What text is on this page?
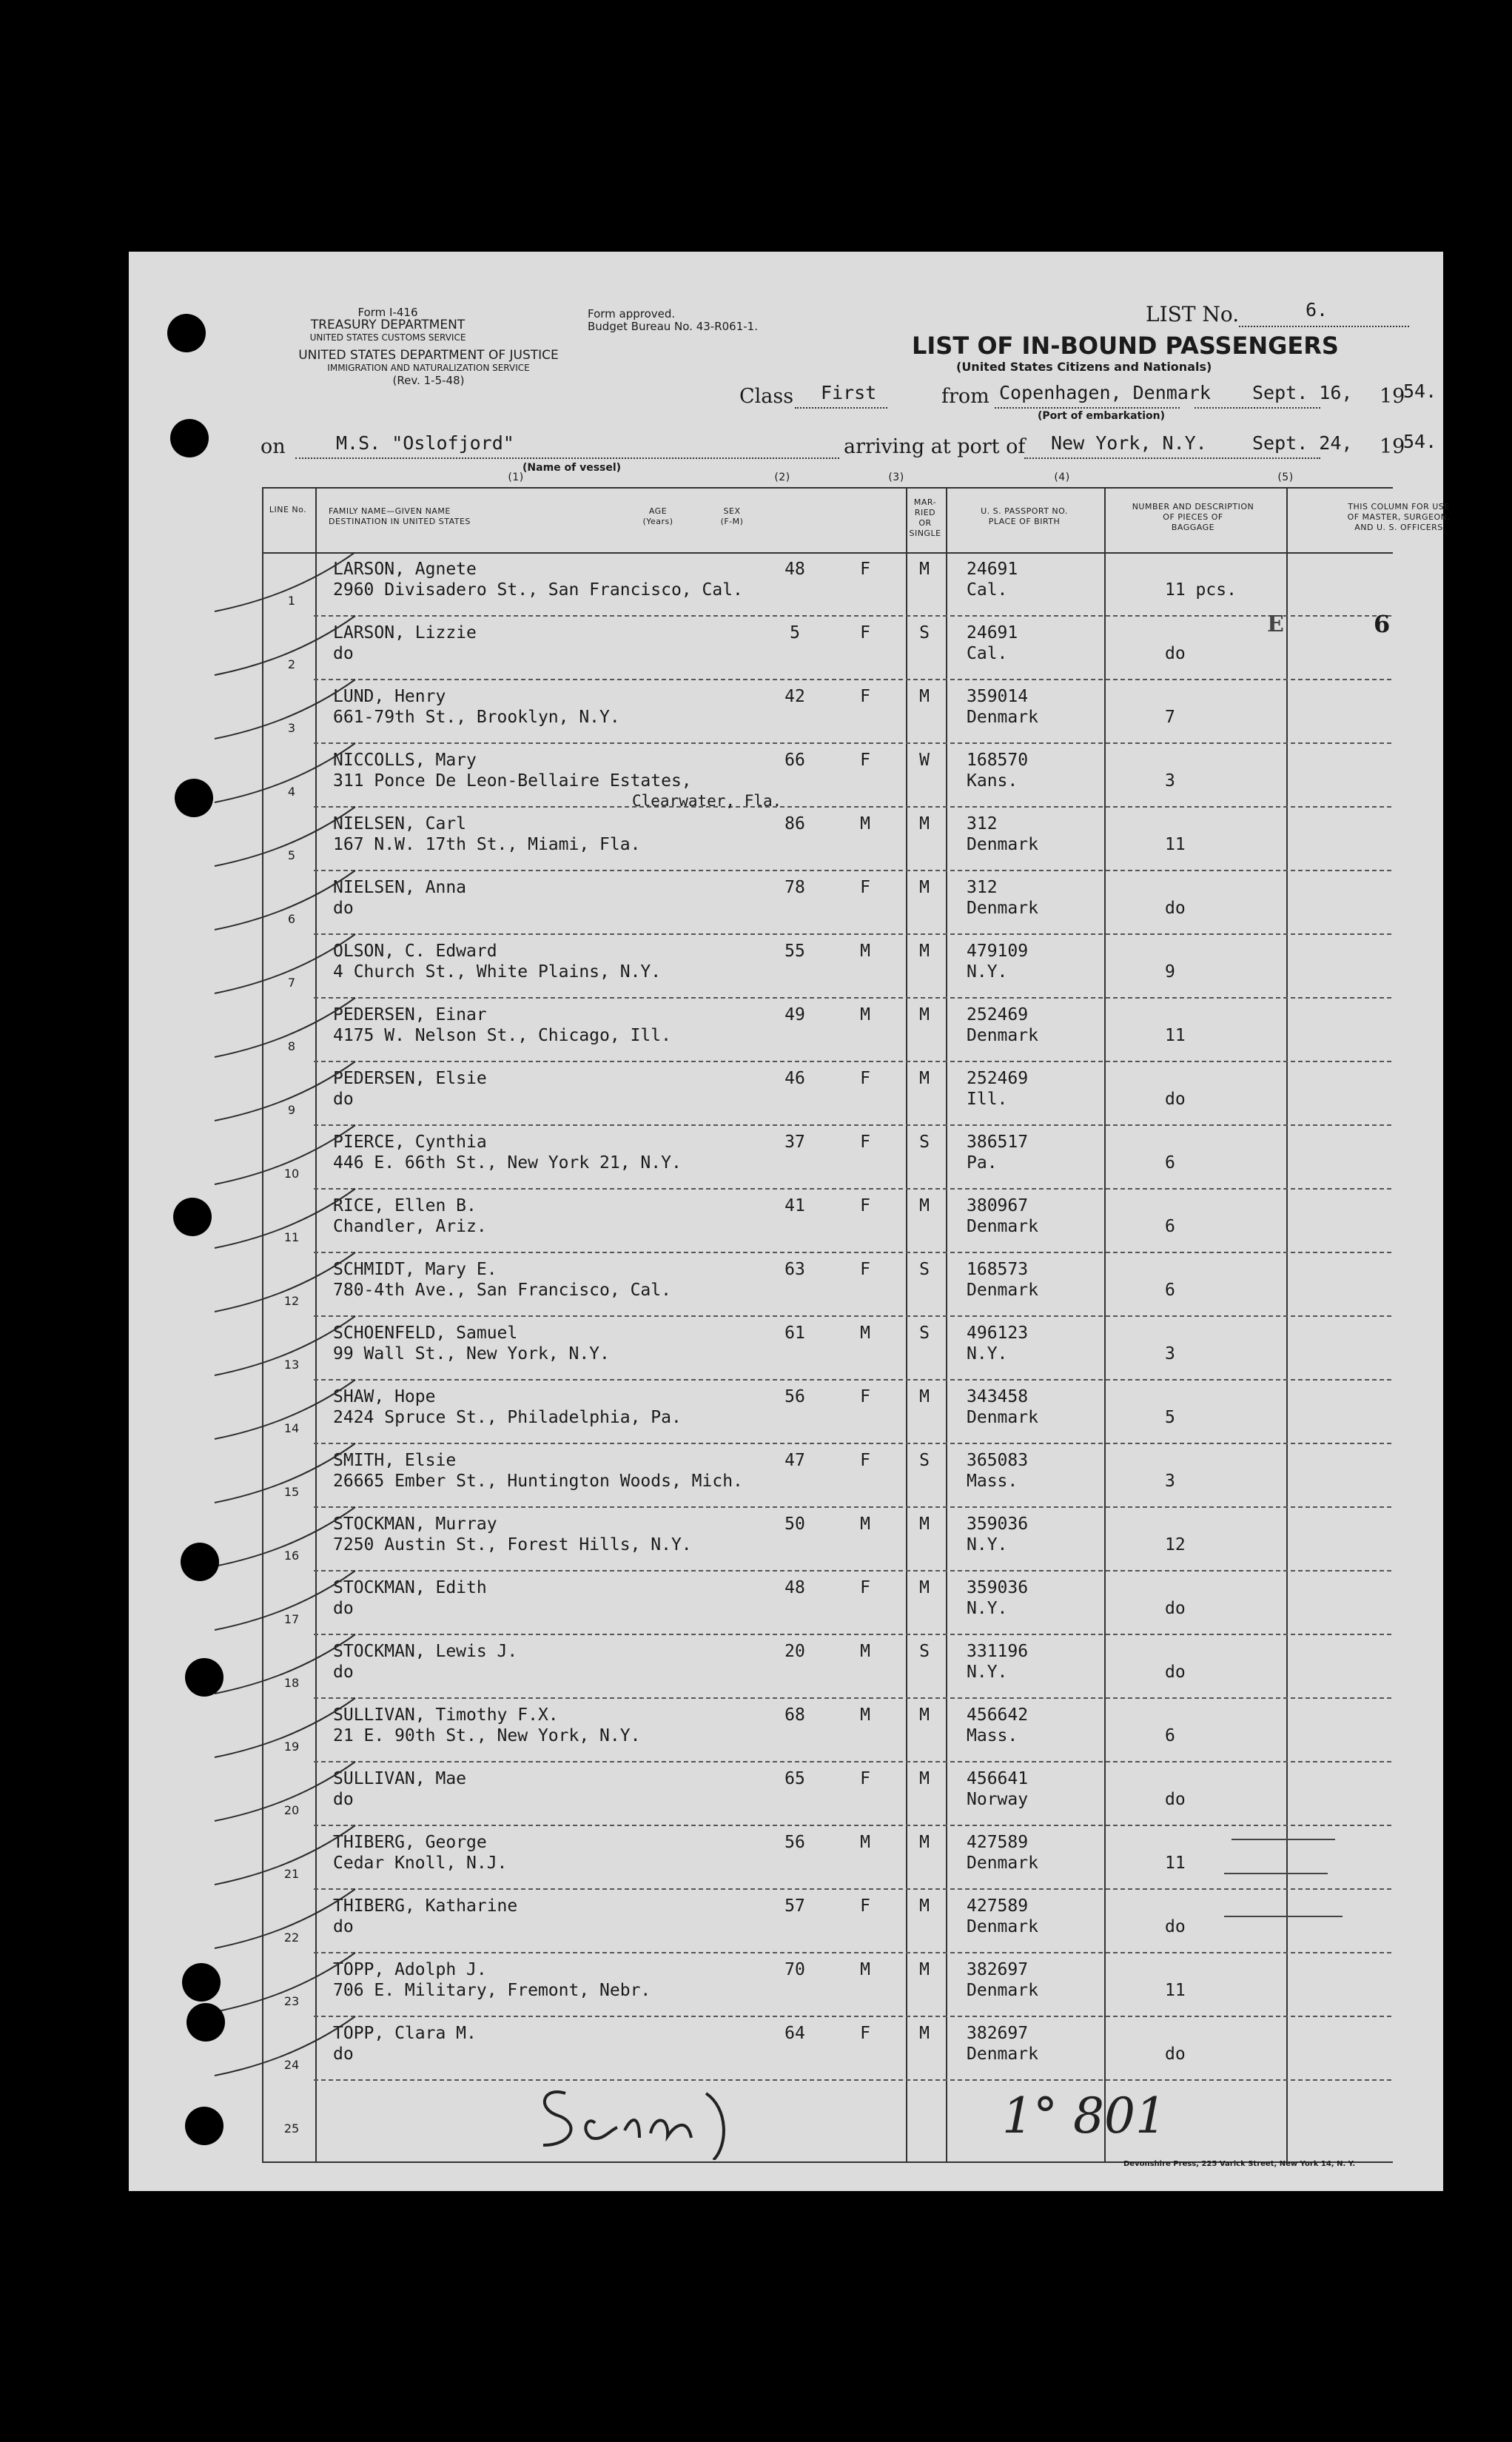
Form I-416
TREASURY DEPARTMENT
UNITED STATES CUSTOMS SERVICE
Form approved.
Budget Bureau No. 43-R061-1.
UNITED STATES DEPARTMENT OF JUSTICE
IMMIGRATION AND NATURALIZATION SERVICE
(Rev. 1-5-48)
LIST No.	6.
LIST OF IN-BOUND PASSENGERS
(United States Citizens and Nationals)
Class First	from Copenhagen, Denmark
(Port of embarkation)
Sept. 16, 19
54.
on	M.S. "Oslofjord"
(Name of vessel)
arriving at port of New York, N.Y. Sept. 24, 19
54.
(1)	(2)	(3)	(4)	(5)
LINE No.	FAMILY NAME—GIVEN NAME
DESTINATION IN UNITED STATES
AGE
(Years)
SEX
(F-M)
MAR-
RIED
OR
SINGLE
U. S. PASSPORT NO.
PLACE OF BIRTH
NUMBER AND DESCRIPTION
OF PIECES OF
BAGGAGE
THIS COLUMN FOR USE
OF MASTER, SURGEON,
AND U. S. OFFICERS
1
LARSON, Agnete
2960 Divisadero St., San Francisco, Cal.
48	F	M	24691
Cal.	11 pcs.
2
LARSON, Lizzie
do
5	F	S	24691
Cal.	do
3
LUND, Henry
661-79th St., Brooklyn, N.Y.
42	F	M	359014
Denmark	7
4
NICCOLLS, Mary
311 Ponce De Leon-Bellaire Estates,
Clearwater, Fla.
66	F	W	168570
Kans.	3
5
NIELSEN, Carl
167 N.W. 17th St., Miami, Fla.
86	M	M	312
Denmark	11
6
NIELSEN, Anna
do
78	F	M	312
Denmark	do
7
OLSON, C. Edward
4 Church St., White Plains, N.Y.
55	M	M	479109
N.Y.	9
8
PEDERSEN, Einar
4175 W. Nelson St., Chicago, Ill.
49	M	M	252469
Denmark	11
9
PEDERSEN, Elsie
do
46	F	M	252469
Ill.	do
10
PIERCE, Cynthia
446 E. 66th St., New York 21, N.Y.
37	F	S	386517
Pa.	6
11
RICE, Ellen B.
Chandler, Ariz.
41	F	M	380967
Denmark	6
12
SCHMIDT, Mary E.
780-4th Ave., San Francisco, Cal.
63	F	S	168573
Denmark	6
13
SCHOENFELD, Samuel
99 Wall St., New York, N.Y.
61	M	S	496123
N.Y.	3
14
SHAW, Hope
2424 Spruce St., Philadelphia, Pa.
56	F	M	343458
Denmark	5
15
SMITH, Elsie
26665 Ember St., Huntington Woods, Mich.
47	F	S	365083
Mass.	3
16
STOCKMAN, Murray
7250 Austin St., Forest Hills, N.Y.
50	M	M	359036
N.Y.	12
17
STOCKMAN, Edith
do
48	F	M	359036
N.Y.	do
18
STOCKMAN, Lewis J.
do
20	M	S	331196
N.Y.	do
19
SULLIVAN, Timothy F.X.
21 E. 90th St., New York, N.Y.
68	M	M	456642
Mass.	6
20
SULLIVAN, Mae
do
65	F	M	456641
Norway	do
21
THIBERG, George
Cedar Knoll, N.J.
56	M	M	427589
Denmark	11
22
THIBERG, Katharine
do
57	F	M	427589
Denmark	do
23
TOPP, Adolph J.
706 E. Military, Fremont, Nebr.
70	M	M	382697
Denmark	11
24
TOPP, Clara M.
do
64	F	M	382697
Denmark	do
25
E	6
1° 801
Devonshire Press, 225 Varick Street, New York 14, N. Y.
